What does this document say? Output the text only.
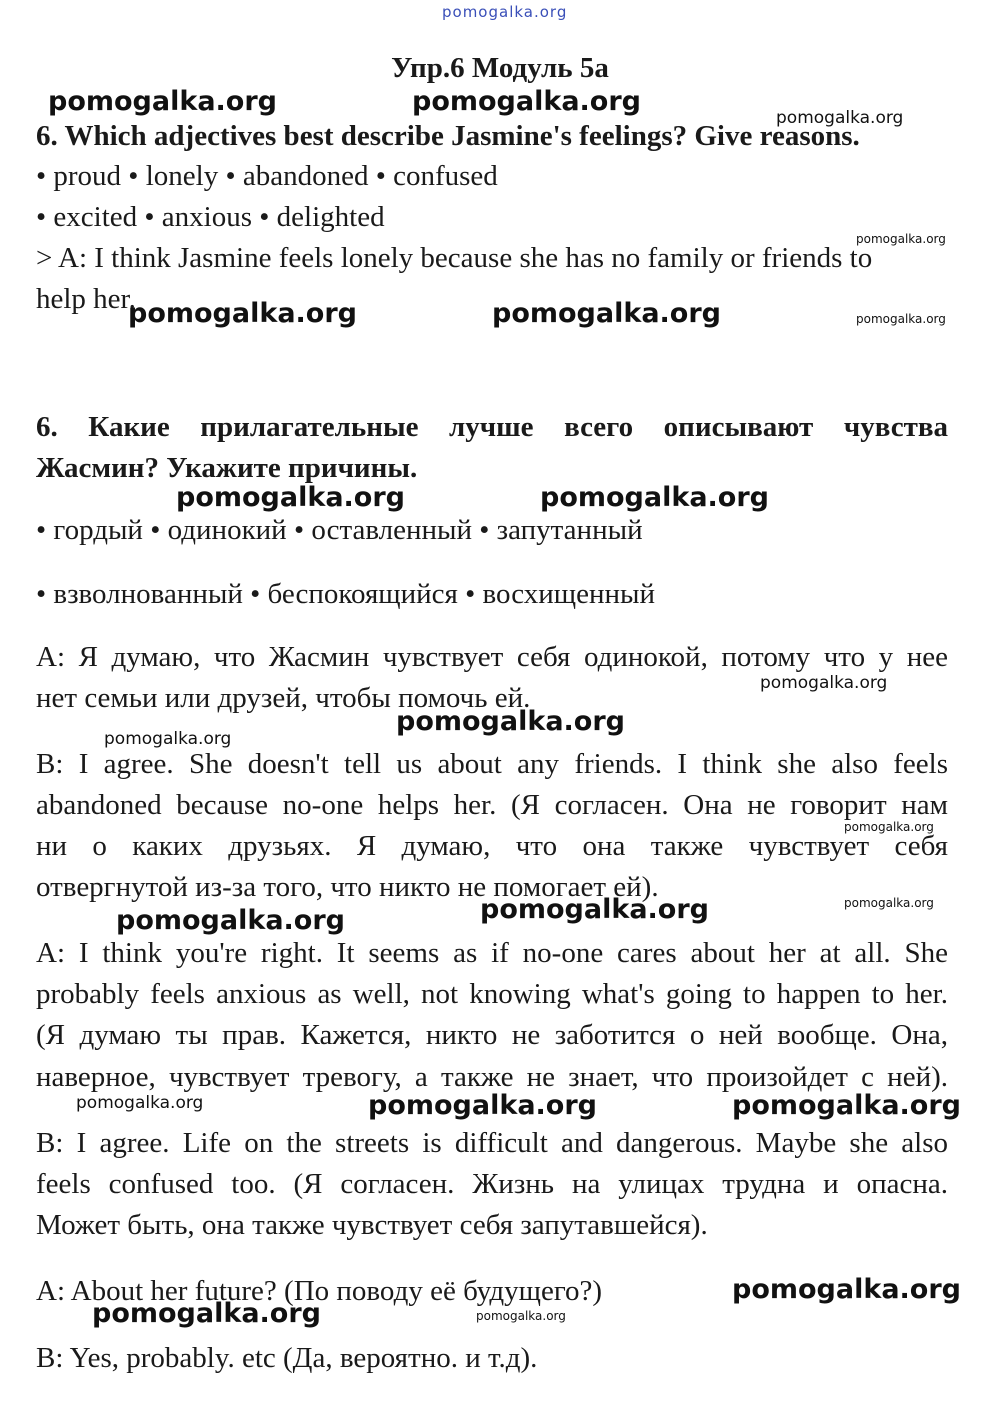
Упр.6 Модуль 5а
6. Which adjectives best describe Jasmine's feelings? Give reasons.
• proud • lonely • abandoned • confused
• excited • anxious • delighted
> A: I think Jasmine feels lonely because she has no family or friends to
help her.
6. Какие прилагательные лучше всего описывают чувства
Жасмин? Укажите причины.
• гордый • одинокий • оставленный • запутанный
• взволнованный • беспокоящийся • восхищенный
A: Я думаю, что Жасмин чувствует себя одинокой, потому что у нее
нет семьи или друзей, чтобы помочь ей.
B: I agree. She doesn't tell us about any friends. I think she also feels
abandoned because no-one helps her. (Я согласен. Она не говорит нам
ни о каких друзьях. Я думаю, что она также чувствует себя
отвергнутой из-за того, что никто не помогает ей).
A: I think you're right. It seems as if no-one cares about her at all. She
probably feels anxious as well, not knowing what's going to happen to her.
(Я думаю ты прав. Кажется, никто не заботится о ней вообще. Она,
наверное, чувствует тревогу, а также не знает, что произойдет с ней).
B: I agree. Life on the streets is difficult and dangerous. Maybe she also
feels confused too. (Я согласен. Жизнь на улицах трудна и опасна.
Может быть, она также чувствует себя запутавшейся).
A: About her future? (По поводу её будущего?)
B: Yes, probably. etc (Да, вероятно. и т.д).
pomogalka.org
pomogalka.org	pomogalka.org
pomogalka.org
pomogalka.org
pomogalka.org	pomogalka.org	pomogalka.org
pomogalka.org	pomogalka.org
pomogalka.org
pomogalka.org
pomogalka.org
pomogalka.org
pomogalka.org	pomogalka.org
pomogalka.org
pomogalka.org	pomogalka.org	pomogalka.org
pomogalka.org
pomogalka.org	pomogalka.org
